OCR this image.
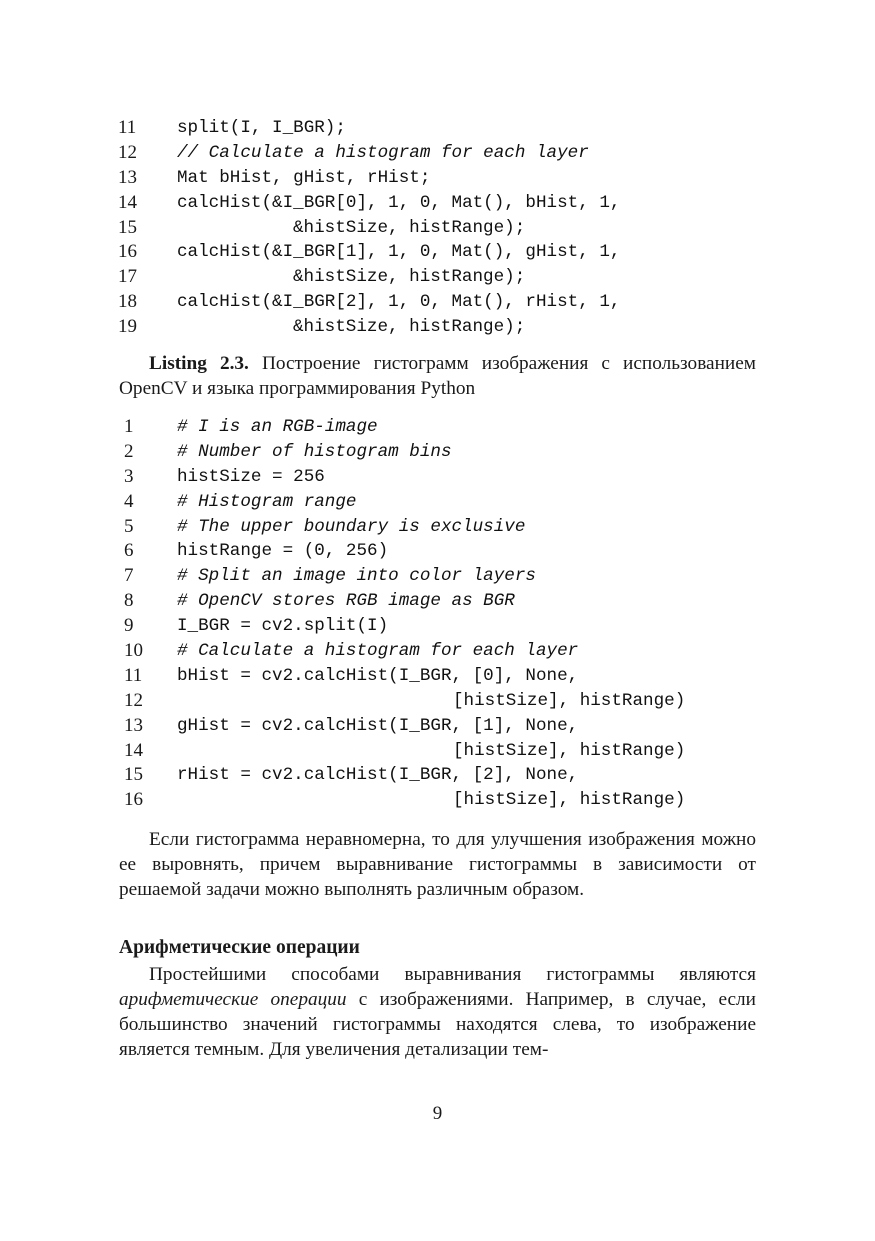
11 split(I, I_BGR);
12 // Calculate a histogram for each layer
13 Mat bHist, gHist, rHist;
14 calcHist(&I_BGR[0], 1, 0, Mat(), bHist, 1,
15	&histSize, histRange);
16 calcHist(&I_BGR[1], 1, 0, Mat(), gHist, 1,
17	&histSize, histRange);
18 calcHist(&I_BGR[2], 1, 0, Mat(), rHist, 1,
19	&histSize, histRange);
Listing 2.3. Построение гистограмм изображения с использованием OpenCV и языка программирования Python
1 # I is an RGB-image
2 # Number of histogram bins
3 histSize = 256
4 # Histogram range
5 # The upper boundary is exclusive
6 histRange = (0, 256)
7 # Split an image into color layers
8 # OpenCV stores RGB image as BGR
9 I_BGR = cv2.split(I)
10 # Calculate a histogram for each layer
11 bHist = cv2.calcHist(I_BGR, [0], None,
12	[histSize], histRange)
13 gHist = cv2.calcHist(I_BGR, [1], None,
14	[histSize], histRange)
15 rHist = cv2.calcHist(I_BGR, [2], None,
16	[histSize], histRange)
Если гистограмма неравномерна, то для улучшения изображения можно ее выровнять, причем выравнивание гистограммы в зависимости от решаемой задачи можно выполнять различным образом.
Арифметические операции
Простейшими способами выравнивания гистограммы являются арифметические операции с изображениями. Например, в случае, если большинство значений гистограммы находятся слева, то изображение является темным. Для увеличения детализации тем-
9
